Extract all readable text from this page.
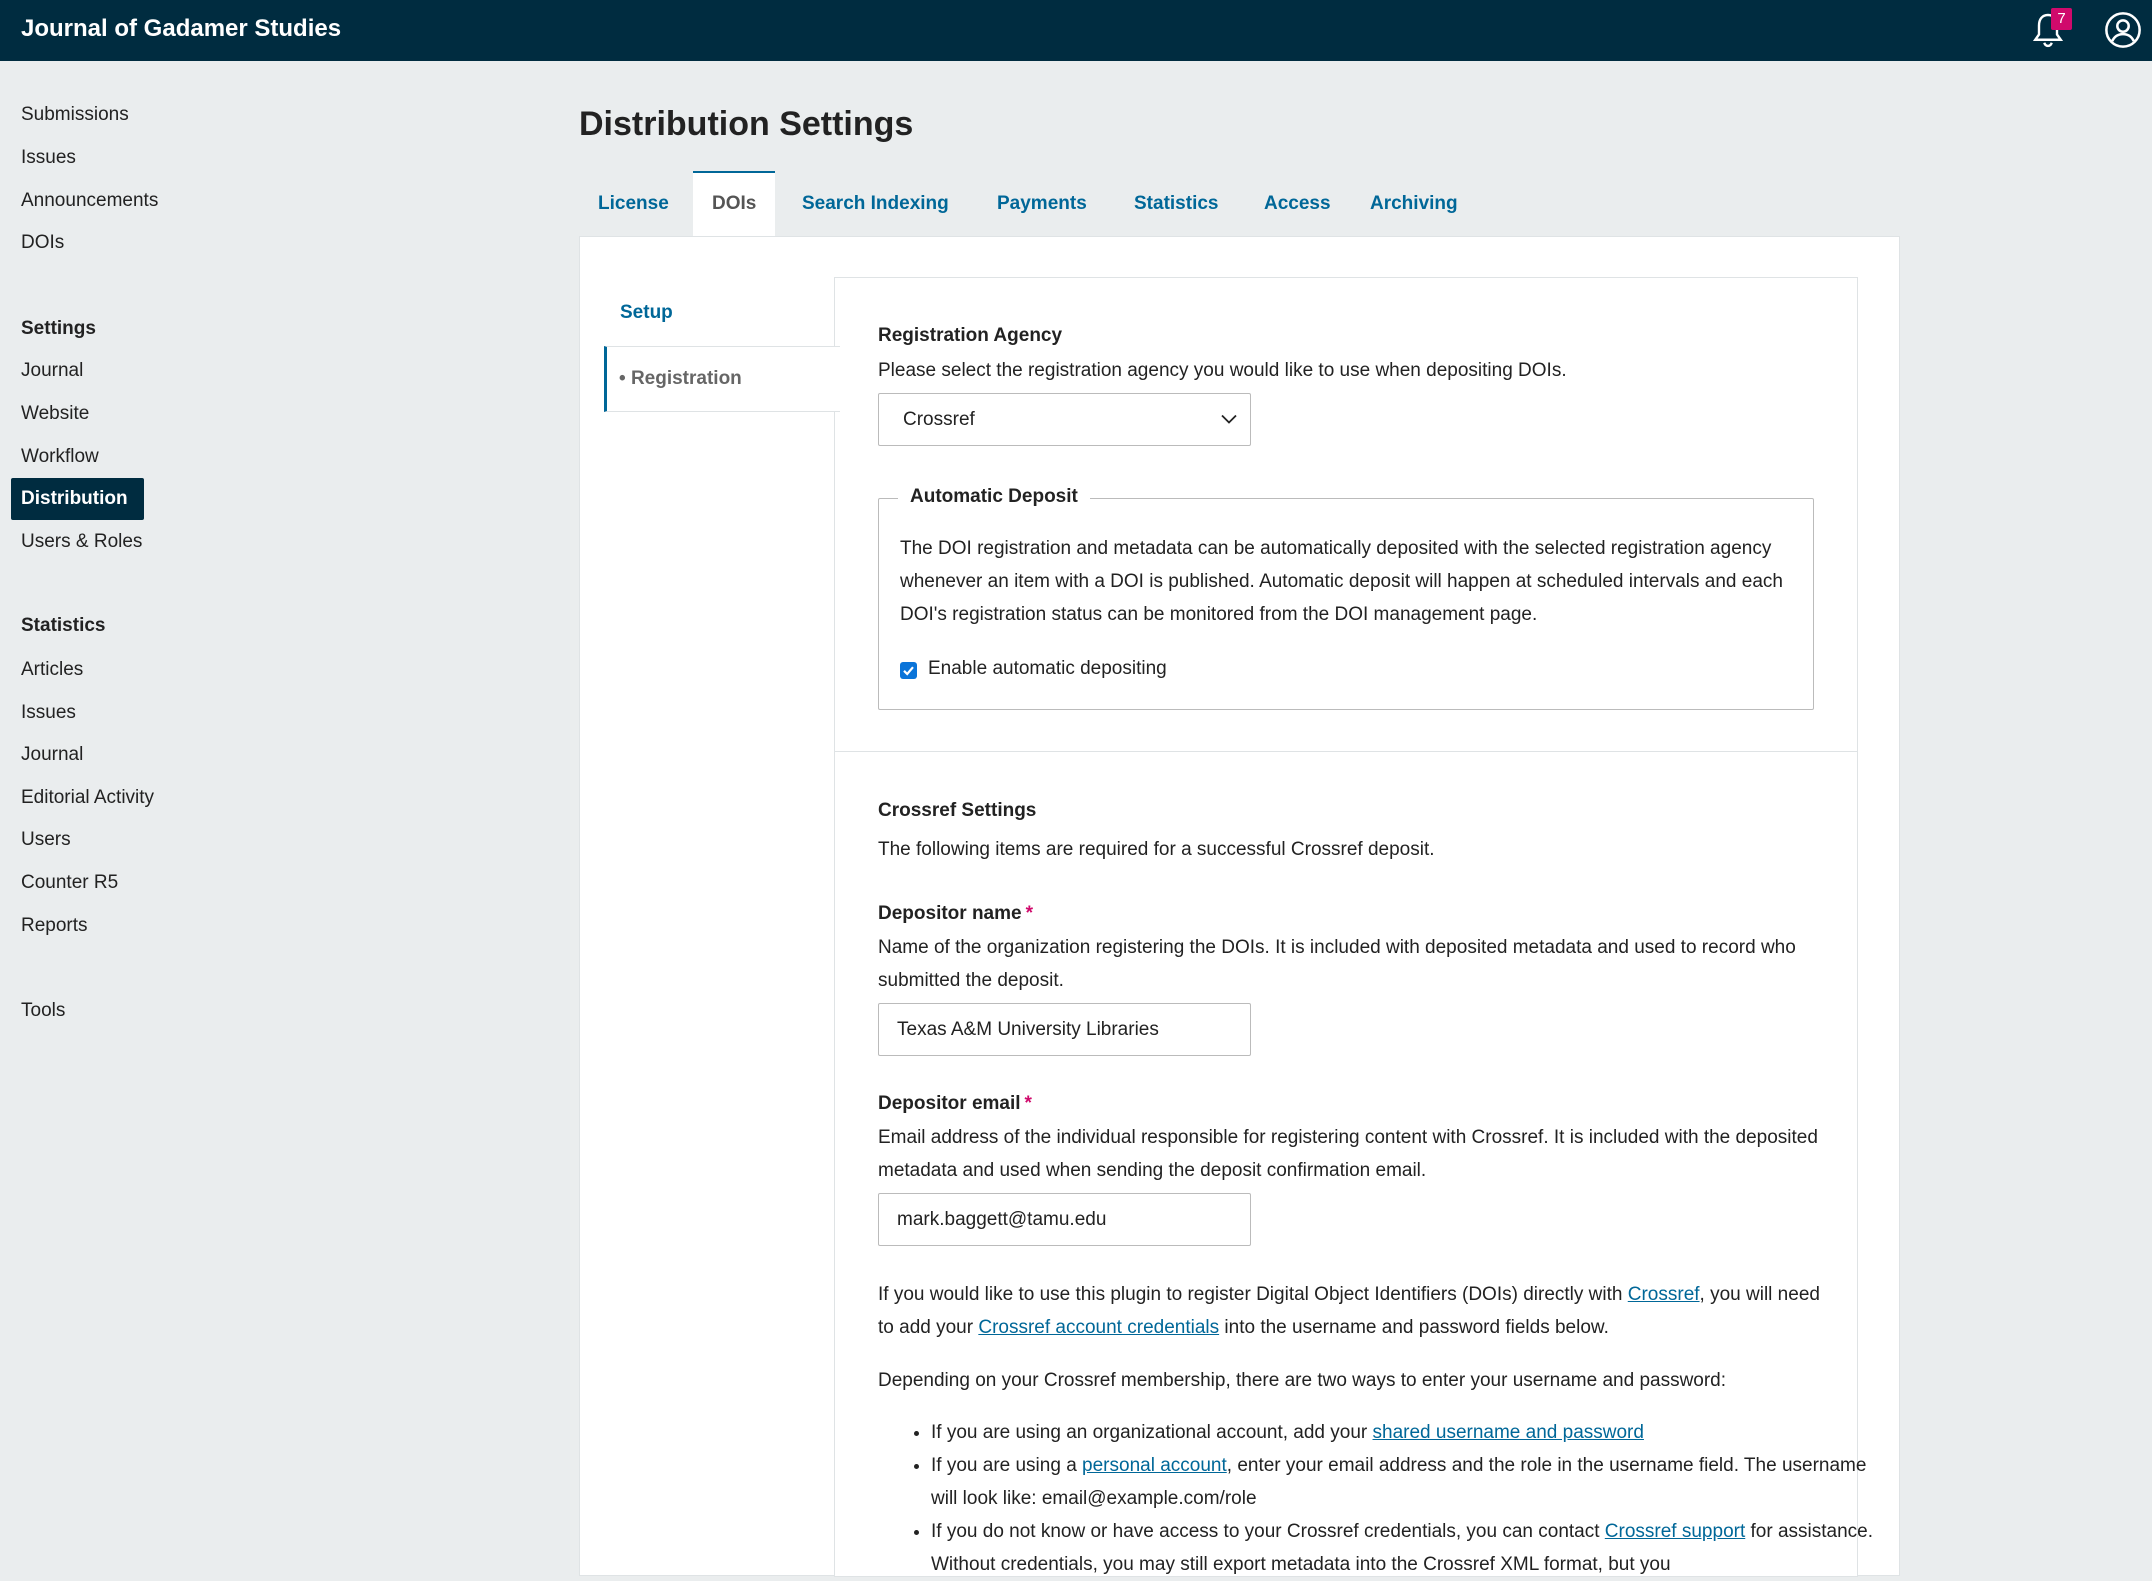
Journal of Gadamer Studies	7
Submissions
Issues
Announcements
DOIs
Settings
Journal
Website
Workflow
Distribution
Users & Roles
Statistics
Articles
Issues
Journal
Editorial Activity
Users
Counter R5
Reports
Tools
Distribution Settings
License	DOIs	Search Indexing	Payments	Statistics	Access	Archiving
Setup
• Registration
Registration Agency
Please select the registration agency you would like to use when depositing DOIs.
Crossref
Automatic Deposit
The DOI registration and metadata can be automatically deposited with the selected registration agency whenever an item with a DOI is published. Automatic deposit will happen at scheduled intervals and each DOI's registration status can be monitored from the DOI management page.
Enable automatic depositing
Crossref Settings
The following items are required for a successful Crossref deposit.
Depositor name *
Name of the organization registering the DOIs. It is included with deposited metadata and used to record who submitted the deposit.
Texas A&M University Libraries
Depositor email *
Email address of the individual responsible for registering content with Crossref. It is included with the deposited metadata and used when sending the deposit confirmation email.
mark.baggett@tamu.edu
If you would like to use this plugin to register Digital Object Identifiers (DOIs) directly with Crossref, you will need to add your Crossref account credentials into the username and password fields below.
Depending on your Crossref membership, there are two ways to enter your username and password:
• If you are using an organizational account, add your shared username and password
• If you are using a personal account, enter your email address and the role in the username field. The username will look like: email@example.com/role
• If you do not know or have access to your Crossref credentials, you can contact Crossref support for assistance. Without credentials, you may still export metadata into the Crossref XML format, but you
